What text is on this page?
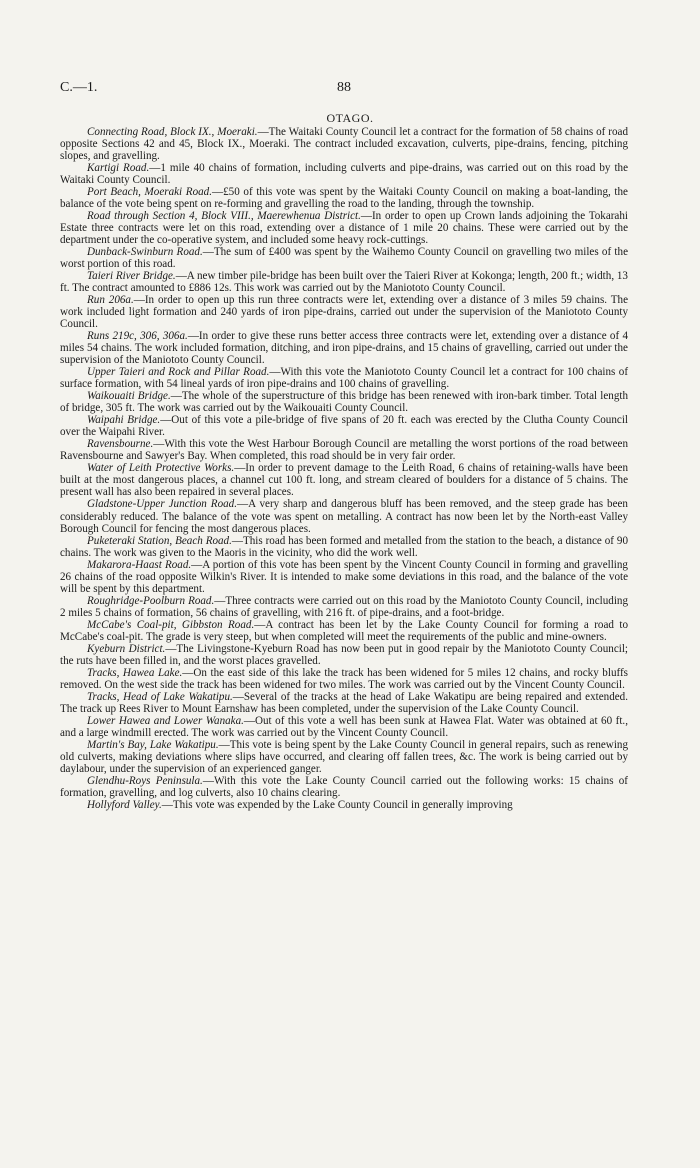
C.—1.	88
OTAGO.

Connecting Road, Block IX., Moeraki.—The Waitaki County Council let a contract for the formation of 58 chains of road opposite Sections 42 and 45, Block IX., Moeraki. The contract included excavation, culverts, pipe-drains, fencing, pitching slopes, and gravelling.

Kartigi Road.—1 mile 40 chains of formation, including culverts and pipe-drains, was carried out on this road by the Waitaki County Council.

Port Beach, Moeraki Road.—£50 of this vote was spent by the Waitaki County Council on making a boat-landing, the balance of the vote being spent on re-forming and gravelling the road to the landing, through the township.

Road through Section 4, Block VIII., Maerewhenua District.—In order to open up Crown lands adjoining the Tokarahi Estate three contracts were let on this road, extending over a distance of 1 mile 20 chains. These were carried out by the department under the co-operative system, and included some heavy rock-cuttings.

Dunback-Swinburn Road.—The sum of £400 was spent by the Waihemo County Council on gravelling two miles of the worst portion of this road.

Taieri River Bridge.—A new timber pile-bridge has been built over the Taieri River at Kokonga; length, 200 ft.; width, 13 ft. The contract amounted to £886 12s. This work was carried out by the Maniototo County Council.

Run 206a.—In order to open up this run three contracts were let, extending over a distance of 3 miles 59 chains. The work included light formation and 240 yards of iron pipe-drains, carried out under the supervision of the Maniototo County Council.

Runs 219c, 306, 306a.—In order to give these runs better access three contracts were let, extending over a distance of 4 miles 54 chains. The work included formation, ditching, and iron pipe-drains, and 15 chains of gravelling, carried out under the supervision of the Maniototo County Council.

Upper Taieri and Rock and Pillar Road.—With this vote the Maniototo County Council let a contract for 100 chains of surface formation, with 54 lineal yards of iron pipe-drains and 100 chains of gravelling.

Waikouaiti Bridge.—The whole of the superstructure of this bridge has been renewed with iron-bark timber. Total length of bridge, 305 ft. The work was carried out by the Waikouaiti County Council.

Waipahi Bridge.—Out of this vote a pile-bridge of five spans of 20 ft. each was erected by the Clutha County Council over the Waipahi River.

Ravensbourne.—With this vote the West Harbour Borough Council are metalling the worst portions of the road between Ravensbourne and Sawyer's Bay. When completed, this road should be in very fair order.

Water of Leith Protective Works.—In order to prevent damage to the Leith Road, 6 chains of retaining-walls have been built at the most dangerous places, a channel cut 100 ft. long, and stream cleared of boulders for a distance of 5 chains. The present wall has also been repaired in several places.

Gladstone-Upper Junction Road.—A very sharp and dangerous bluff has been removed, and the steep grade has been considerably reduced. The balance of the vote was spent on metalling. A contract has now been let by the North-east Valley Borough Council for fencing the most dangerous places.

Puketeraki Station, Beach Road.—This road has been formed and metalled from the station to the beach, a distance of 90 chains. The work was given to the Maoris in the vicinity, who did the work well.

Makarora-Haast Road.—A portion of this vote has been spent by the Vincent County Council in forming and gravelling 26 chains of the road opposite Wilkin's River. It is intended to make some deviations in this road, and the balance of the vote will be spent by this department.

Roughridge-Poolburn Road.—Three contracts were carried out on this road by the Maniototo County Council, including 2 miles 5 chains of formation, 56 chains of gravelling, with 216 ft. of pipe-drains, and a foot-bridge.

McCabe's Coal-pit, Gibbston Road.—A contract has been let by the Lake County Council for forming a road to McCabe's coal-pit. The grade is very steep, but when completed will meet the requirements of the public and mine-owners.

Kyeburn District.—The Livingstone-Kyeburn Road has now been put in good repair by the Maniototo County Council; the ruts have been filled in, and the worst places gravelled.

Tracks, Hawea Lake.—On the east side of this lake the track has been widened for 5 miles 12 chains, and rocky bluffs removed. On the west side the track has been widened for two miles. The work was carried out by the Vincent County Council.

Tracks, Head of Lake Wakatipu.—Several of the tracks at the head of Lake Wakatipu are being repaired and extended. The track up Rees River to Mount Earnshaw has been completed, under the supervision of the Lake County Council.

Lower Hawea and Lower Wanaka.—Out of this vote a well has been sunk at Hawea Flat. Water was obtained at 60 ft., and a large windmill erected. The work was carried out by the Vincent County Council.

Martin's Bay, Lake Wakatipu.—This vote is being spent by the Lake County Council in general repairs, such as renewing old culverts, making deviations where slips have occurred, and clearing off fallen trees, &c. The work is being carried out by daylabour, under the supervision of an experienced ganger.

Glendhu-Roys Peninsula.—With this vote the Lake County Council carried out the following works: 15 chains of formation, gravelling, and log culverts, also 10 chains clearing.

Hollyford Valley.—This vote was expended by the Lake County Council in generally improving
